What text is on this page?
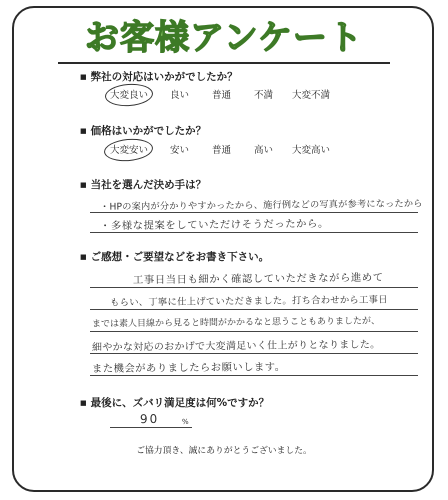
お客様アンケート
■ 弊社の対応はいかがでしたか？
大変良い 良い 普通 不満 大変不満
■ 価格はいかがでしたか？
大変安い 安い 普通 高い 大変高い
■ 当社を選んだ決め手は？
・HPの案内が分かりやすかったから、施行例などの写真が参考になったから
・多様な提案をしていただけそうだったから。
■ ご感想・ご要望などをお書き下さい。
工事日当日も細かく確認していただきながら進めて
もらい、丁寧に仕上げていただきました。打ち合わせから工事日
までは素人目線から見ると時間がかかるなと思うこともありましたが、
細やかな対応のおかげで大変満足いく仕上がりとなりました。
また機会がありましたらお願いします。
■ 最後に、ズバリ満足度は何%ですか？
90	%
ご協力頂き、誠にありがとうございました。
